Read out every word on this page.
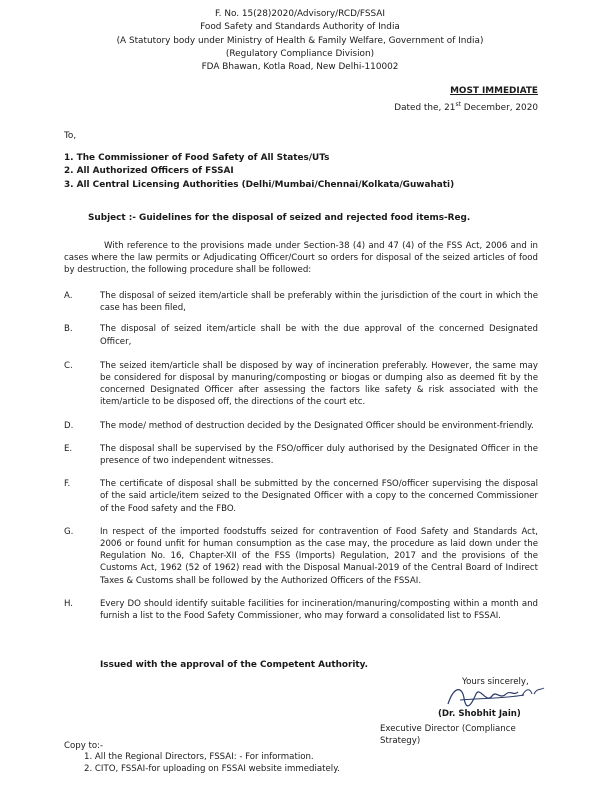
F. No. 15(28)2020/Advisory/RCD/FSSAI
Food Safety and Standards Authority of India
(A Statutory body under Ministry of Health & Family Welfare, Government of India)
(Regulatory Compliance Division)
FDA Bhawan, Kotla Road, New Delhi-110002
MOST IMMEDIATE
Dated the, 21st December, 2020
To,
1. The Commissioner of Food Safety of All States/UTs
2. All Authorized Officers of FSSAI
3. All Central Licensing Authorities (Delhi/Mumbai/Chennai/Kolkata/Guwahati)
Subject :- Guidelines for the disposal of seized and rejected food items-Reg.
With reference to the provisions made under Section-38 (4) and 47 (4) of the FSS Act, 2006 and in cases where the law permits or Adjudicating Officer/Court so orders for disposal of the seized articles of food by destruction, the following procedure shall be followed:
A.	The disposal of seized item/article shall be preferably within the jurisdiction of the court in which the case has been filed,
B.	The disposal of seized item/article shall be with the due approval of the concerned Designated Officer,
C.	The seized item/article shall be disposed by way of incineration preferably. However, the same may be considered for disposal by manuring/composting or biogas or dumping also as deemed fit by the concerned Designated Officer after assessing the factors like safety & risk associated with the item/article to be disposed off, the directions of the court etc.
D.	The mode/ method of destruction decided by the Designated Officer should be environment-friendly.
E.	The disposal shall be supervised by the FSO/officer duly authorised by the Designated Officer in the presence of two independent witnesses.
F.	The certificate of disposal shall be submitted by the concerned FSO/officer supervising the disposal of the said article/item seized to the Designated Officer with a copy to the concerned Commissioner of the Food safety and the FBO.
G.	In respect of the imported foodstuffs seized for contravention of Food Safety and Standards Act, 2006 or found unfit for human consumption as the case may, the procedure as laid down under the Regulation No. 16, Chapter-XII of the FSS (Imports) Regulation, 2017 and the provisions of the Customs Act, 1962 (52 of 1962) read with the Disposal Manual-2019 of the Central Board of Indirect Taxes & Customs shall be followed by the Authorized Officers of the FSSAI.
H.	Every DO should identify suitable facilities for incineration/manuring/composting within a month and furnish a list to the Food Safety Commissioner, who may forward a consolidated list to FSSAI.
Issued with the approval of the Competent Authority.
Yours sincerely,
(Dr. Shobhit Jain)
Executive Director (Compliance Strategy)
Copy to:-
1. All the Regional Directors, FSSAI: - For information.
2. CITO, FSSAI-for uploading on FSSAI website immediately.
